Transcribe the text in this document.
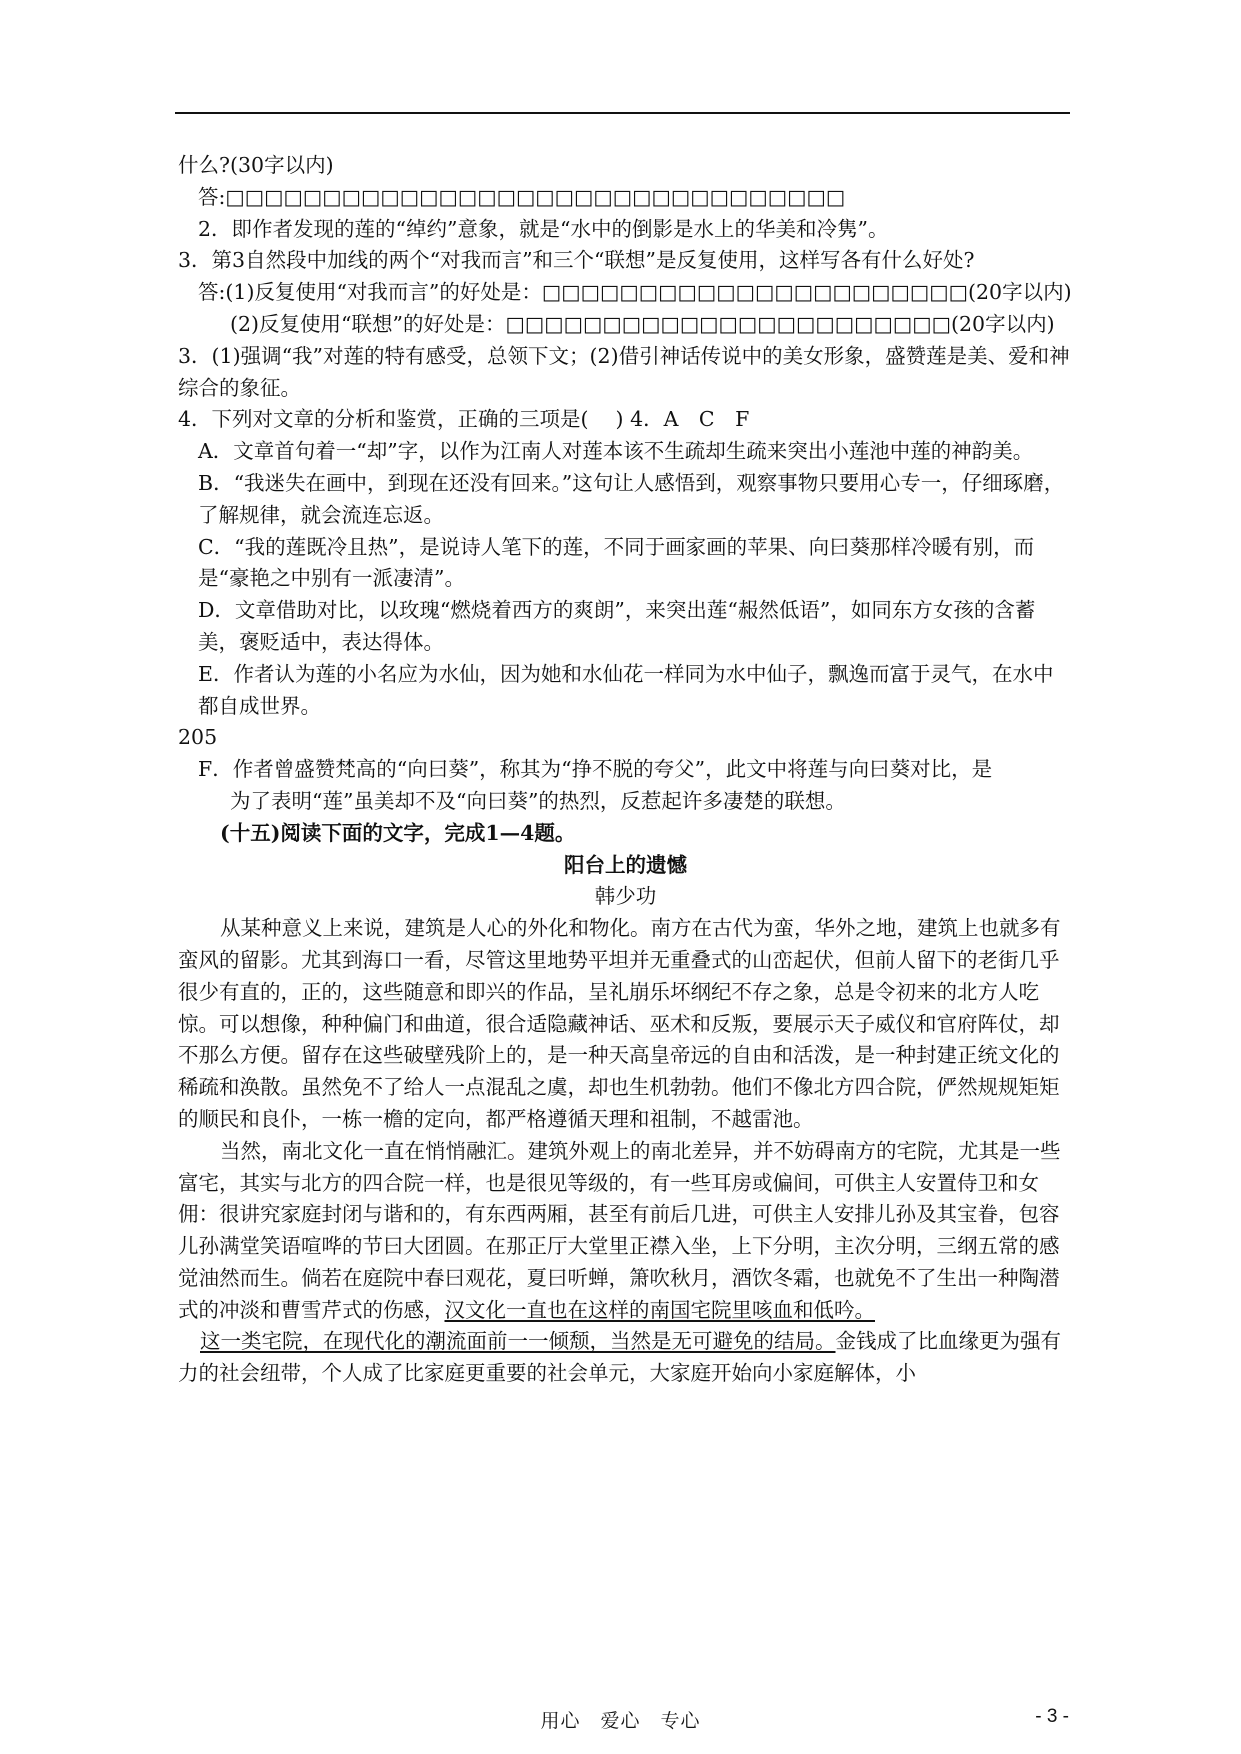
什么?(30字以内)

答:□□□□□□□□□□□□□□□□□□□□□□□□□□□□□□□□

2．即作者发现的莲的“绰约”意象，就是“水中的倒影是水上的华美和冷隽”。

3．第3自然段中加线的两个“对我而言”和三个“联想”是反复使用，这样写各有什么好处?

答:(1)反复使用“对我而言”的好处是：□□□□□□□□□□□□□□□□□□□□□□(20字以内)

(2)反复使用“联想”的好处是：□□□□□□□□□□□□□□□□□□□□□□□(20字以内)

3．(1)强调“我”对莲的特有感受，总领下文；(2)借引神话传说中的美女形象，盛赞莲是美、爱和神综合的象征。

4．下列对文章的分析和鉴赏，正确的三项是(　 ) 4．A　C　F

A．文章首句着一“却”字，以作为江南人对莲本该不生疏却生疏来突出小莲池中莲的神韵美。

B．“我迷失在画中，到现在还没有回来。”这句让人感悟到，观察事物只要用心专一，仔细琢磨，了解规律，就会流连忘返。

C．“我的莲既冷且热”，是说诗人笔下的莲，不同于画家画的苹果、向曰葵那样冷暖有别，而是“豪艳之中别有一派凄清”。

D．文章借助对比，以玫瑰“燃烧着西方的爽朗”，来突出莲“赧然低语”，如同东方女孩的含蓄美，褒贬适中，表达得体。

E．作者认为莲的小名应为水仙，因为她和水仙花一样同为水中仙子，飘逸而富于灵气，在水中都自成世界。

205

F．作者曾盛赞梵高的“向曰葵”，称其为“挣不脱的夸父”，此文中将莲与向曰葵对比，是

为了表明“莲”虽美却不及“向曰葵”的热烈，反惹起许多凄楚的联想。

(十五)阅读下面的文字，完成1—4题。

阳台上的遗憾

韩少功

从某种意义上来说，建筑是人心的外化和物化。南方在古代为蛮，华外之地，建筑上也就多有蛮风的留影。尤其到海口一看，尽管这里地势平坦并无重叠式的山峦起伏，但前人留下的老街几乎很少有直的，正的，这些随意和即兴的作品，呈礼崩乐坏纲纪不存之象，总是令初来的北方人吃惊。可以想像，种种偏门和曲道，很合适隐藏神话、巫术和反叛，要展示天子威仪和官府阵仗，却不那么方便。留存在这些破壁残阶上的，是一种天高皇帝远的自由和活泼，是一种封建正统文化的稀疏和涣散。虽然免不了给人一点混乱之虞，却也生机勃勃。他们不像北方四合院，俨然规规矩矩的顺民和良仆，一栋一檐的定向，都严格遵循天理和祖制，不越雷池。

当然，南北文化一直在悄悄融汇。建筑外观上的南北差异，并不妨碍南方的宅院，尤其是一些富宅，其实与北方的四合院一样，也是很见等级的，有一些耳房或偏间，可供主人安置侍卫和女佣：很讲究家庭封闭与谐和的，有东西两厢，甚至有前后几进，可供主人安排儿孙及其宝眷，包容儿孙满堂笑语喧哗的节曰大团圆。在那正厅大堂里正襟入坐，上下分明，主次分明，三纲五常的感觉油然而生。倘若在庭院中春曰观花，夏曰听蝉，箫吹秋月，酒饮冬霜，也就免不了生出一种陶潜式的冲淡和曹雪芹式的伤感，汉文化一直也在这样的南国宅院里咳血和低吟。

这一类宅院，在现代化的潮流面前一一倾颓，当然是无可避免的结局。金钱成了比血缘更为强有力的社会纽带，个人成了比家庭更重要的社会单元，大家庭开始向小家庭解体，小

用心　爱心　专心	- 3 -
